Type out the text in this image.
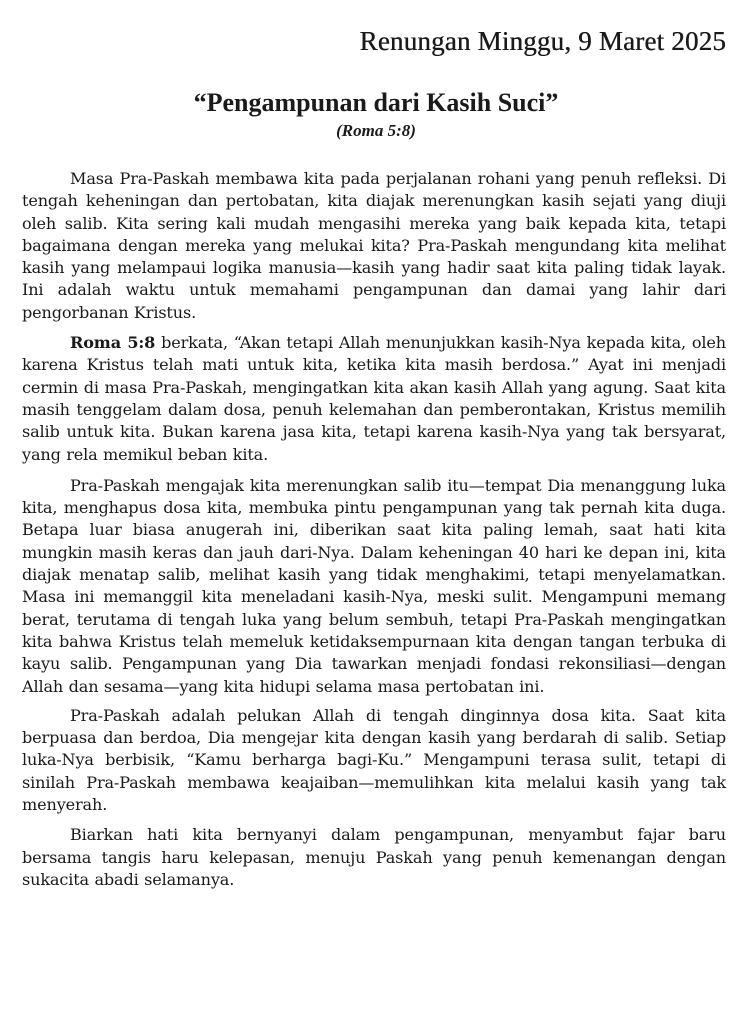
Renungan Minggu, 9 Maret 2025
“Pengampunan dari Kasih Suci”
(Roma 5:8)

Masa Pra-Paskah membawa kita pada perjalanan rohani yang penuh refleksi. Di tengah keheningan dan pertobatan, kita diajak merenungkan kasih sejati yang diuji oleh salib. Kita sering kali mudah mengasihi mereka yang baik kepada kita, tetapi bagaimana dengan mereka yang melukai kita? Pra-Paskah mengundang kita melihat kasih yang melampaui logika manusia—kasih yang hadir saat kita paling tidak layak. Ini adalah waktu untuk memahami pengampunan dan damai yang lahir dari pengorbanan Kristus.

Roma 5:8 berkata, “Akan tetapi Allah menunjukkan kasih-Nya kepada kita, oleh karena Kristus telah mati untuk kita, ketika kita masih berdosa.” Ayat ini menjadi cermin di masa Pra-Paskah, mengingatkan kita akan kasih Allah yang agung. Saat kita masih tenggelam dalam dosa, penuh kelemahan dan pemberontakan, Kristus memilih salib untuk kita. Bukan karena jasa kita, tetapi karena kasih-Nya yang tak bersyarat, yang rela memikul beban kita.

Pra-Paskah mengajak kita merenungkan salib itu—tempat Dia menanggung luka kita, menghapus dosa kita, membuka pintu pengampunan yang tak pernah kita duga. Betapa luar biasa anugerah ini, diberikan saat kita paling lemah, saat hati kita mungkin masih keras dan jauh dari-Nya. Dalam keheningan 40 hari ke depan ini, kita diajak menatap salib, melihat kasih yang tidak menghakimi, tetapi menyelamatkan. Masa ini memanggil kita meneladani kasih-Nya, meski sulit. Mengampuni memang berat, terutama di tengah luka yang belum sembuh, tetapi Pra-Paskah mengingatkan kita bahwa Kristus telah memeluk ketidaksempurnaan kita dengan tangan terbuka di kayu salib. Pengampunan yang Dia tawarkan menjadi fondasi rekonsiliasi—dengan Allah dan sesama—yang kita hidupi selama masa pertobatan ini.

Pra-Paskah adalah pelukan Allah di tengah dinginnya dosa kita. Saat kita berpuasa dan berdoa, Dia mengejar kita dengan kasih yang berdarah di salib. Setiap luka-Nya berbisik, “Kamu berharga bagi-Ku.” Mengampuni terasa sulit, tetapi di sinilah Pra-Paskah membawa keajaiban—memulihkan kita melalui kasih yang tak menyerah.

Biarkan hati kita bernyanyi dalam pengampunan, menyambut fajar baru bersama tangis haru kelepasan, menuju Paskah yang penuh kemenangan dengan sukacita abadi selamanya.
